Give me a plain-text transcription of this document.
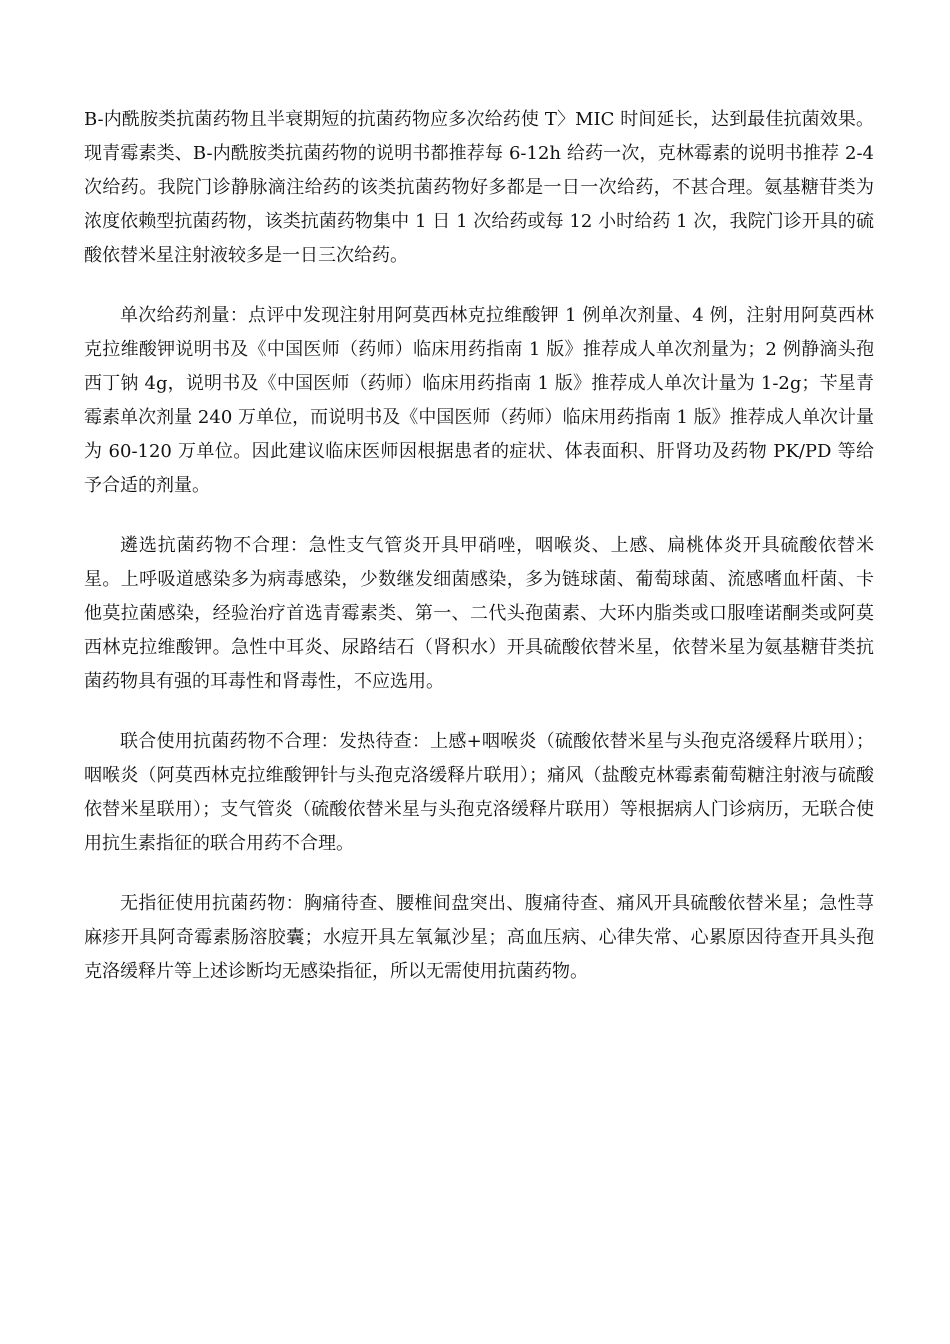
B-内酰胺类抗菌药物且半衰期短的抗菌药物应多次给药使 T〉MIC 时间延长，达到最佳抗菌效果。现青霉素类、B-内酰胺类抗菌药物的说明书都推荐每 6-12h 给药一次，克林霉素的说明书推荐 2-4 次给药。我院门诊静脉滴注给药的该类抗菌药物好多都是一日一次给药，不甚合理。氨基糖苷类为浓度依赖型抗菌药物，该类抗菌药物集中 1 日 1 次给药或每 12 小时给药 1 次，我院门诊开具的硫酸依替米星注射液较多是一日三次给药。

单次给药剂量：点评中发现注射用阿莫西林克拉维酸钾 1 例单次剂量、4 例，注射用阿莫西林克拉维酸钾说明书及《中国医师（药师）临床用药指南 1 版》推荐成人单次剂量为；2 例静滴头孢西丁钠 4g，说明书及《中国医师（药师）临床用药指南 1 版》推荐成人单次计量为 1-2g；苄星青霉素单次剂量 240 万单位，而说明书及《中国医师（药师）临床用药指南 1 版》推荐成人单次计量为 60-120 万单位。因此建议临床医师因根据患者的症状、体表面积、肝肾功及药物 PK/PD 等给予合适的剂量。

遴选抗菌药物不合理：急性支气管炎开具甲硝唑，咽喉炎、上感、扁桃体炎开具硫酸依替米星。上呼吸道感染多为病毒感染，少数继发细菌感染，多为链球菌、葡萄球菌、流感嗜血杆菌、卡他莫拉菌感染，经验治疗首选青霉素类、第一、二代头孢菌素、大环内脂类或口服喹诺酮类或阿莫西林克拉维酸钾。急性中耳炎、尿路结石（肾积水）开具硫酸依替米星，依替米星为氨基糖苷类抗菌药物具有强的耳毒性和肾毒性，不应选用。

联合使用抗菌药物不合理：发热待查：上感+咽喉炎（硫酸依替米星与头孢克洛缓释片联用）；咽喉炎（阿莫西林克拉维酸钾针与头孢克洛缓释片联用）；痛风（盐酸克林霉素葡萄糖注射液与硫酸依替米星联用）；支气管炎（硫酸依替米星与头孢克洛缓释片联用）等根据病人门诊病历，无联合使用抗生素指征的联合用药不合理。

无指征使用抗菌药物：胸痛待查、腰椎间盘突出、腹痛待查、痛风开具硫酸依替米星；急性荨麻疹开具阿奇霉素肠溶胶囊；水痘开具左氧氟沙星；高血压病、心律失常、心累原因待查开具头孢克洛缓释片等上述诊断均无感染指征，所以无需使用抗菌药物。
